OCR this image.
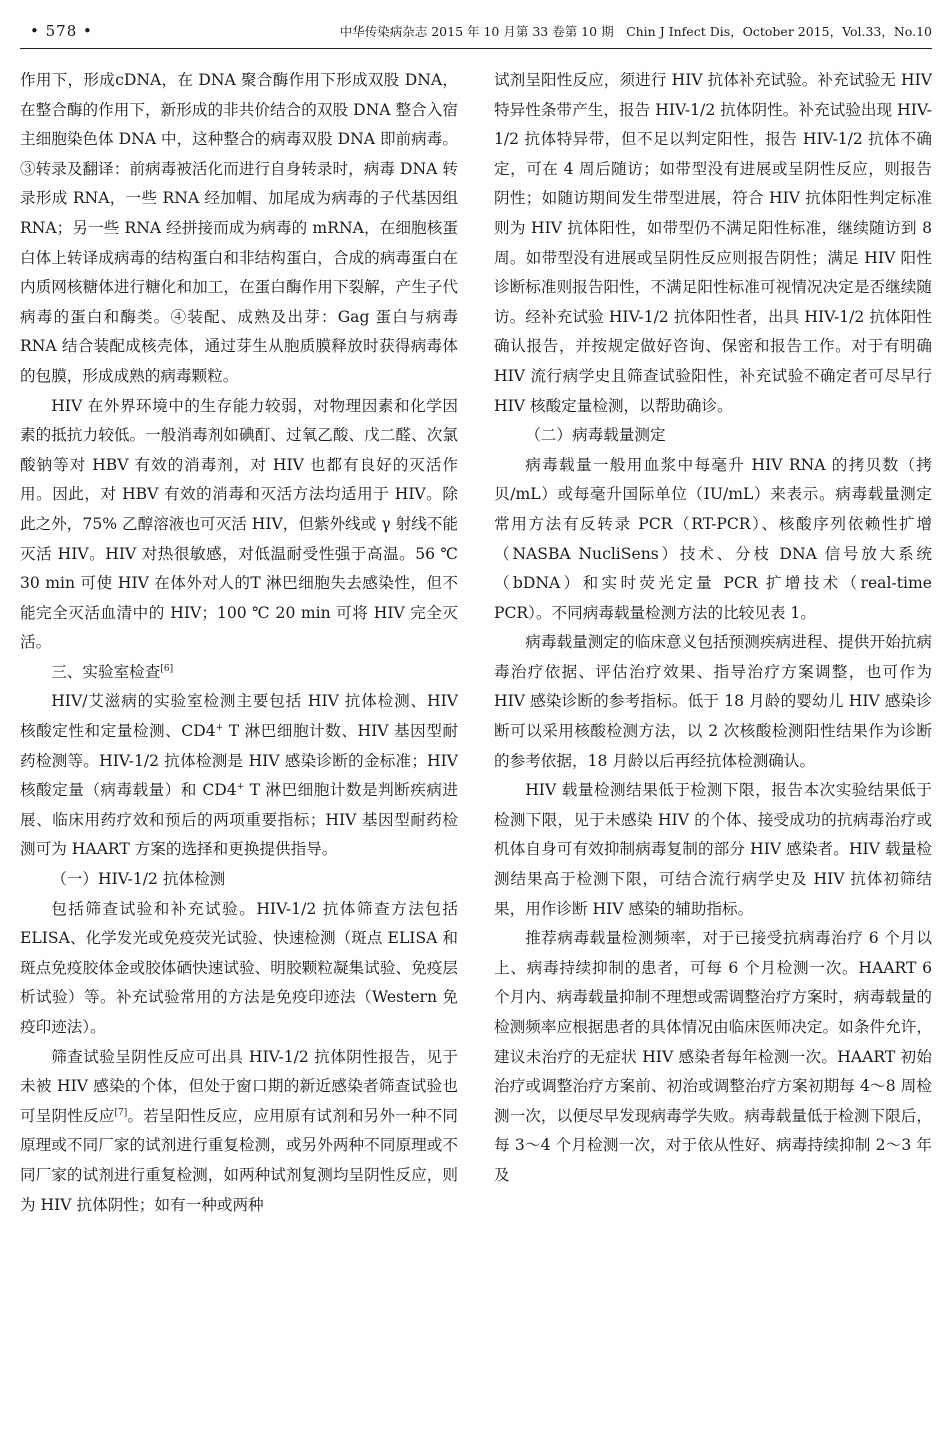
• 578 •	中华传染病杂志 2015 年 10 月第 33 卷第 10 期　Chin J Infect Dis，October 2015，Vol.33，No.10

作用下，形成cDNA，在 DNA 聚合酶作用下形成双股 DNA，在整合酶的作用下，新形成的非共价结合的双股 DNA 整合入宿主细胞染色体 DNA 中，这种整合的病毒双股 DNA 即前病毒。③转录及翻译：前病毒被活化而进行自身转录时，病毒 DNA 转录形成 RNA，一些 RNA 经加帽、加尾成为病毒的子代基因组 RNA；另一些 RNA 经拼接而成为病毒的 mRNA，在细胞核蛋白体上转译成病毒的结构蛋白和非结构蛋白，合成的病毒蛋白在内质网核糖体进行糖化和加工，在蛋白酶作用下裂解，产生子代病毒的蛋白和酶类。④装配、成熟及出芽：Gag 蛋白与病毒 RNA 结合装配成核壳体，通过芽生从胞质膜释放时获得病毒体的包膜，形成成熟的病毒颗粒。

HIV 在外界环境中的生存能力较弱，对物理因素和化学因素的抵抗力较低。一般消毒剂如碘酊、过氧乙酸、戊二醛、次氯酸钠等对 HBV 有效的消毒剂，对 HIV 也都有良好的灭活作用。因此，对 HBV 有效的消毒和灭活方法均适用于 HIV。除此之外，75% 乙醇溶液也可灭活 HIV，但紫外线或 γ 射线不能灭活 HIV。HIV 对热很敏感，对低温耐受性强于高温。56 ℃ 30 min 可使 HIV 在体外对人的T 淋巴细胞失去感染性，但不能完全灭活血清中的 HIV；100 ℃ 20 min 可将 HIV 完全灭活。

三、实验室检查[6]

HIV/艾滋病的实验室检测主要包括 HIV 抗体检测、HIV 核酸定性和定量检测、CD4+ T 淋巴细胞计数、HIV 基因型耐药检测等。HIV-1/2 抗体检测是 HIV 感染诊断的金标准；HIV 核酸定量（病毒载量）和 CD4+ T 淋巴细胞计数是判断疾病进展、临床用药疗效和预后的两项重要指标；HIV 基因型耐药检测可为 HAART 方案的选择和更换提供指导。

（一）HIV-1/2 抗体检测

包括筛查试验和补充试验。HIV-1/2 抗体筛查方法包括 ELISA、化学发光或免疫荧光试验、快速检测（斑点 ELISA 和斑点免疫胶体金或胶体硒快速试验、明胶颗粒凝集试验、免疫层析试验）等。补充试验常用的方法是免疫印迹法（Western 免疫印迹法）。

筛查试验呈阴性反应可出具 HIV-1/2 抗体阴性报告，见于未被 HIV 感染的个体，但处于窗口期的新近感染者筛查试验也可呈阴性反应[7]。若呈阳性反应，应用原有试剂和另外一种不同原理或不同厂家的试剂进行重复检测，或另外两种不同原理或不同厂家的试剂进行重复检测，如两种试剂复测均呈阴性反应，则为 HIV 抗体阴性；如有一种或两种

试剂呈阳性反应，须进行 HIV 抗体补充试验。补充试验无 HIV 特异性条带产生，报告 HIV-1/2 抗体阴性。补充试验出现 HIV-1/2 抗体特异带，但不足以判定阳性，报告 HIV-1/2 抗体不确定，可在 4 周后随访；如带型没有进展或呈阴性反应，则报告阴性；如随访期间发生带型进展，符合 HIV 抗体阳性判定标准则为 HIV 抗体阳性，如带型仍不满足阳性标准，继续随访到 8 周。如带型没有进展或呈阴性反应则报告阴性；满足 HIV 阳性诊断标准则报告阳性，不满足阳性标准可视情况决定是否继续随访。经补充试验 HIV-1/2 抗体阳性者，出具 HIV-1/2 抗体阳性确认报告，并按规定做好咨询、保密和报告工作。对于有明确 HIV 流行病学史且筛查试验阳性，补充试验不确定者可尽早行 HIV 核酸定量检测，以帮助确诊。

（二）病毒载量测定

病毒载量一般用血浆中每毫升 HIV RNA 的拷贝数（拷贝/mL）或每毫升国际单位（IU/mL）来表示。病毒载量测定常用方法有反转录 PCR（RT-PCR）、核酸序列依赖性扩增（NASBA NucliSens）技术、分枝 DNA 信号放大系统（bDNA）和实时荧光定量 PCR 扩增技术（real-time PCR）。不同病毒载量检测方法的比较见表 1。

病毒载量测定的临床意义包括预测疾病进程、提供开始抗病毒治疗依据、评估治疗效果、指导治疗方案调整，也可作为 HIV 感染诊断的参考指标。低于 18 月龄的婴幼儿 HIV 感染诊断可以采用核酸检测方法，以 2 次核酸检测阳性结果作为诊断的参考依据，18 月龄以后再经抗体检测确认。

HIV 载量检测结果低于检测下限，报告本次实验结果低于检测下限，见于未感染 HIV 的个体、接受成功的抗病毒治疗或机体自身可有效抑制病毒复制的部分 HIV 感染者。HIV 载量检测结果高于检测下限，可结合流行病学史及 HIV 抗体初筛结果，用作诊断 HIV 感染的辅助指标。

推荐病毒载量检测频率，对于已接受抗病毒治疗 6 个月以上、病毒持续抑制的患者，可每 6 个月检测一次。HAART 6 个月内、病毒载量抑制不理想或需调整治疗方案时，病毒载量的检测频率应根据患者的具体情况由临床医师决定。如条件允许，建议未治疗的无症状 HIV 感染者每年检测一次。HAART 初始治疗或调整治疗方案前、初治或调整治疗方案初期每 4～8 周检测一次，以便尽早发现病毒学失败。病毒载量低于检测下限后，每 3～4 个月检测一次，对于依从性好、病毒持续抑制 2～3 年及
